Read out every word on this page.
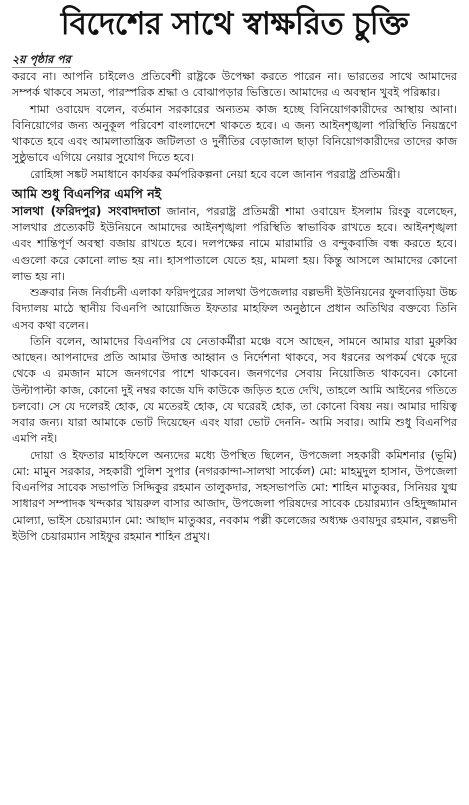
বিদেশের সাথে স্বাক্ষরিত চুক্তি
২য় পৃষ্ঠার পর

করবে না। আপনি চাইলেও প্রতিবেশী রাষ্ট্রকে উপেক্ষা করতে পারেন না। ভারতের সাথে আমাদের সম্পর্ক থাকবে সমতা, পারস্পরিক শ্রদ্ধা ও বোঝাপড়ার ভিত্তিতে। আমাদের এ অবস্থান খুবই পরিষ্কার।

শামা ওবায়েদ বলেন, বর্তমান সরকারের অন্যতম কাজ হচ্ছে বিনিয়োগকারীদের আস্থায় আনা। বিনিয়োগের জন্য অনুকূল পরিবেশ বাংলাদেশে থাকতে হবে। এ জন্য আইনশৃঙ্খলা পরিস্থিতি নিয়ন্ত্রণে থাকতে হবে এবং আমলাতান্ত্রিক জটিলতা ও দুর্নীতির বেড়াজাল ছাড়া বিনিয়োগকারীদের তাদের কাজ সুষ্ঠুভাবে এগিয়ে নেয়ার সুযোগ দিতে হবে।

রোহিঙ্গা সঙ্কট সমাধানে কার্যকর কর্মপরিকল্পনা নেয়া হবে বলে জানান পররাষ্ট্র প্রতিমন্ত্রী।

আমি শুধু বিএনপির এমপি নই

সালথা (ফরিদপুর) সংবাদদাতা জানান, পররাষ্ট্র প্রতিমন্ত্রী শামা ওবায়েদ ইসলাম রিংকু বলেছেন, সালথার প্রত্যেকটি ইউনিয়নে আমাদের আইনশৃঙ্খলা পরিস্থিতি স্বাভাবিক রাখতে হবে। আইনশৃঙ্খলা এবং শান্তিপূর্ণ অবস্থা বজায় রাখতে হবে। দলপক্ষের নামে মারামারি ও বন্দুকবাজি বন্ধ করতে হবে। এগুলো করে কোনো লাভ হয় না। হাসপাতালে যেতে হয়, মামলা হয়। কিন্তু আসলে আমাদের কোনো লাভ হয় না।

শুক্রবার নিজ নির্বাচনী এলাকা ফরিদপুরের সালথা উপজেলার বল্লভদী ইউনিয়নের ফুলবাড়িয়া উচ্চ বিদ্যালয় মাঠে স্থানীয় বিএনপি আয়োজিত ইফতার মাহফিল অনুষ্ঠানে প্রধান অতিথির বক্তব্যে তিনি এসব কথা বলেন।

তিনি বলেন, আমাদের বিএনপির যে নেতাকর্মীরা মঞ্চে বসে আছেন, সামনে আমার যারা মুরুব্বি আছেন। আপনাদের প্রতি আমার উদাত্ত আহ্বান ও নির্দেশনা থাকবে, সব ধরনের অপকর্ম থেকে দূরে থেকে এ রমজান মাসে জনগণের পাশে থাকবেন। জনগণের সেবায় নিয়োজিত থাকবেন। কোনো উল্টাপাল্টা কাজ, কোনো দুই নম্বর কাজে যদি কাউকে জড়িত হতে দেখি, তাহলে আমি আইনের গতিতে চলবো। সে যে দলেরই হোক, যে মতেরই হোক, যে ঘরেরই হোক, তা কোনো বিষয় নয়। আমার দায়িত্ব সবার জন্য। যারা আমাকে ভোট দিয়েছেন এবং যারা ভোট দেননি- আমি সবার। আমি শুধু বিএনপির এমপি নই।

দোয়া ও ইফতার মাহফিলে অন্যদের মধ্যে উপস্থিত ছিলেন, উপজেলা সহকারী কমিশনার (ভূমি) মো: মামুন সরকার, সহকারী পুলিশ সুপার (নগরকান্দা-সালথা সার্কেল) মো: মাহমুদুল হাসান, উপজেলা বিএনপির সাবেক সভাপতি সিদ্দিকুর রহমান তালুকদার, সহসভাপতি মো: শাহিন মাতুব্বর, সিনিয়র যুগ্ম সাধারণ সম্পাদক খন্দকার খায়রুল বাসার আজাদ, উপজেলা পরিষদের সাবেক চেয়ারম্যান ওহিদুজ্জামান মোল্যা, ভাইস চেয়ারম্যান মো: আছাদ মাতুব্বর, নবকাম পল্লী কলেজের অধ্যক্ষ ওবায়দুর রহমান, বল্লভদী ইউপি চেয়ারম্যান সাইফুর রহমান শাহিন প্রমুখ।
